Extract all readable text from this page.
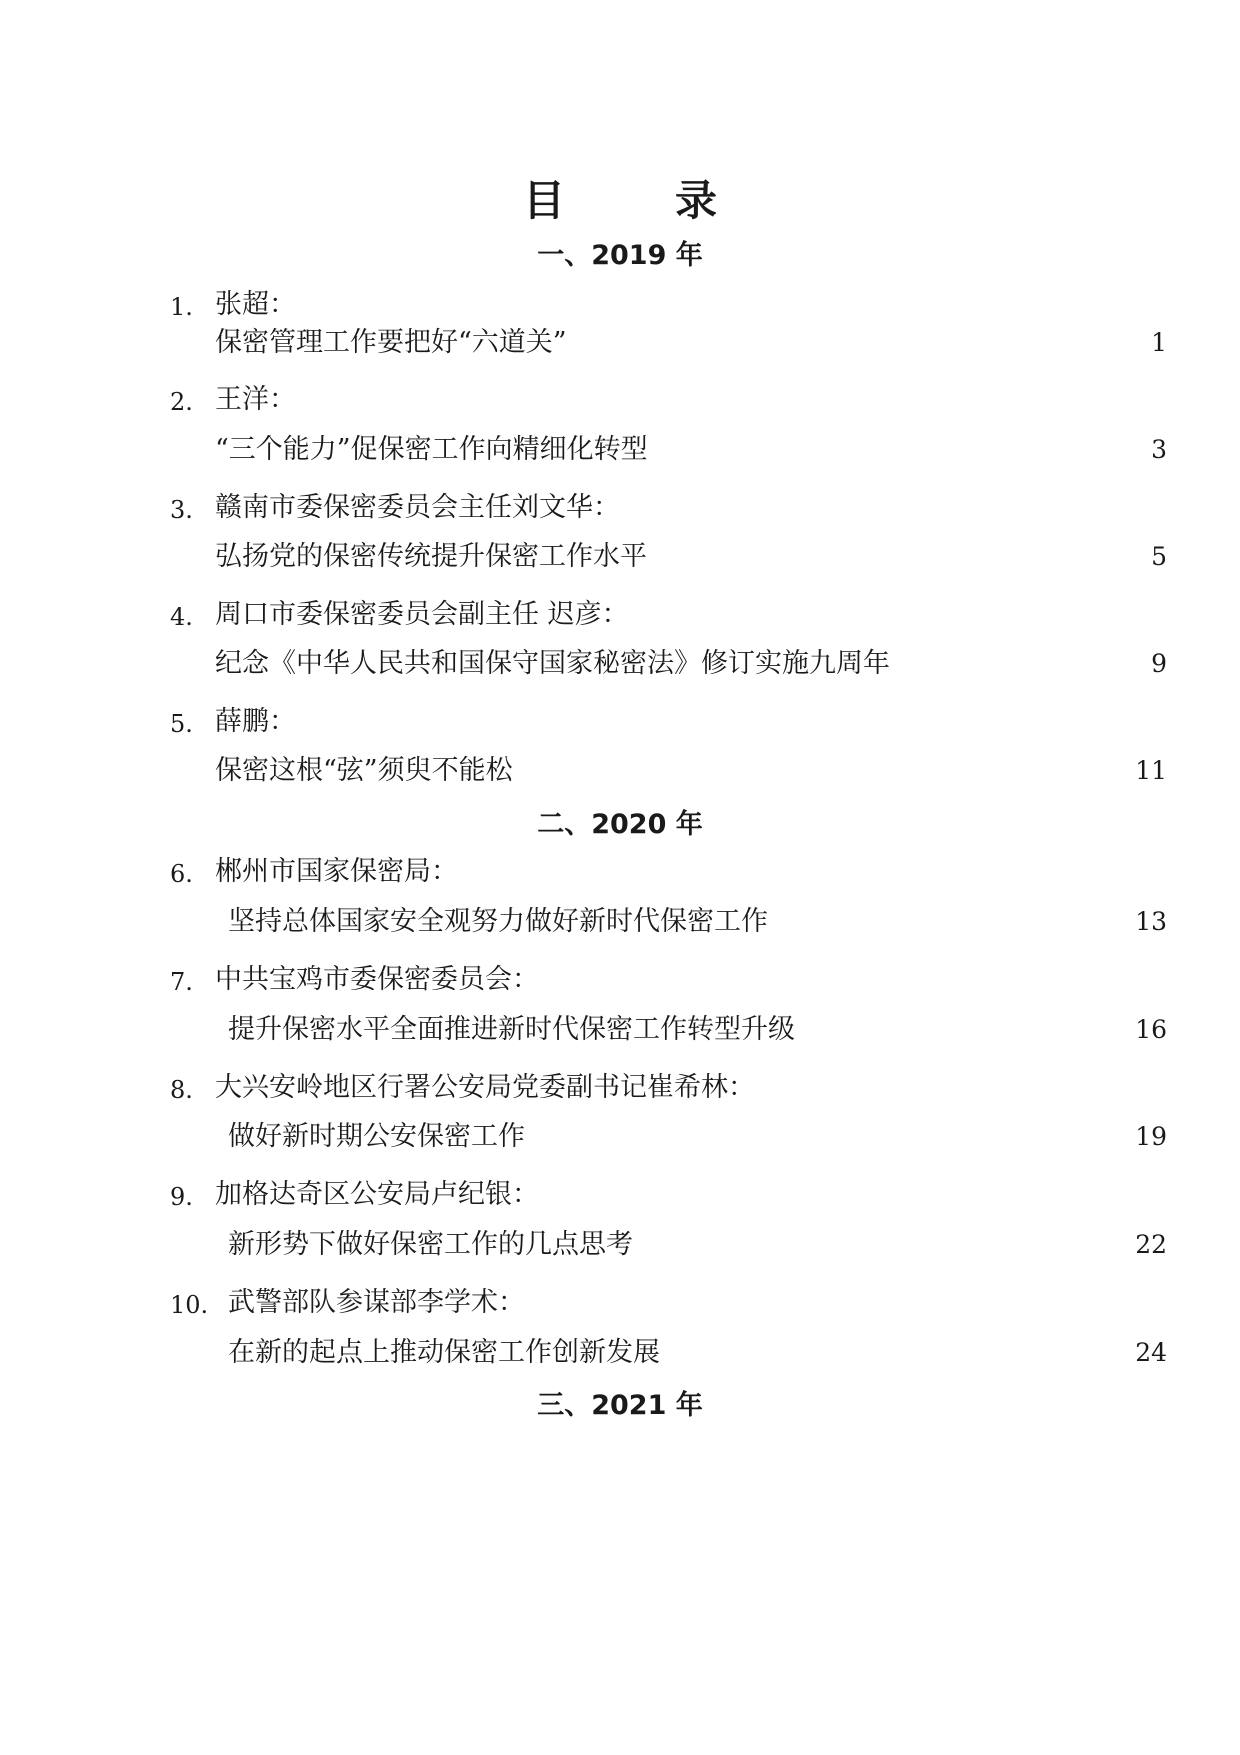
目　录
一、2019 年
1. 张超：
保密管理工作要把好“六道关”	1
2. 王洋：
“三个能力”促保密工作向精细化转型	3
3. 赣南市委保密委员会主任刘文华：
弘扬党的保密传统提升保密工作水平	5
4. 周口市委保密委员会副主任 迟彦：
纪念《中华人民共和国保守国家秘密法》修订实施九周年	9
5. 薛鹏：
保密这根“弦”须臾不能松	11
二、2020 年
6. 郴州市国家保密局：
坚持总体国家安全观努力做好新时代保密工作	13
7. 中共宝鸡市委保密委员会：
提升保密水平全面推进新时代保密工作转型升级	16
8. 大兴安岭地区行署公安局党委副书记崔希林：
做好新时期公安保密工作	19
9. 加格达奇区公安局卢纪银：
新形势下做好保密工作的几点思考	22
10. 武警部队参谋部李学术：
在新的起点上推动保密工作创新发展	24
三、2021 年
